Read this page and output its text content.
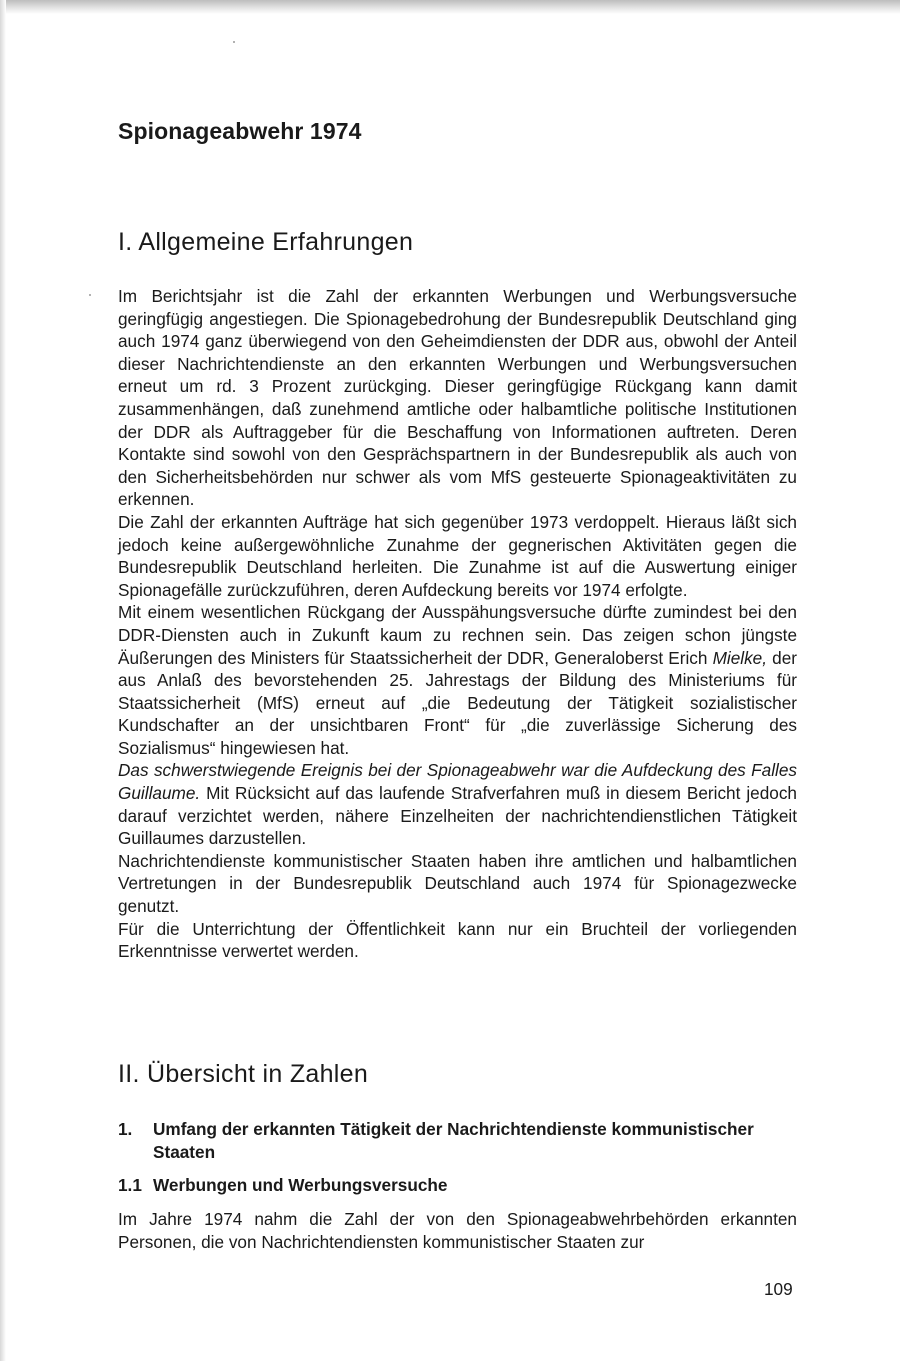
Spionageabwehr 1974
I. Allgemeine Erfahrungen

Im Berichtsjahr ist die Zahl der erkannten Werbungen und Werbungsversuche geringfügig angestiegen. Die Spionagebedrohung der Bundesrepublik Deutschland ging auch 1974 ganz überwiegend von den Geheimdiensten der DDR aus, obwohl der Anteil dieser Nachrichtendienste an den erkannten Werbungen und Werbungsversuchen erneut um rd. 3 Prozent zurückging. Dieser geringfügige Rückgang kann damit zusammenhängen, daß zunehmend amtliche oder halbamtliche politische Institutionen der DDR als Auftraggeber für die Beschaffung von Informationen auftreten. Deren Kontakte sind sowohl von den Gesprächspartnern in der Bundesrepublik als auch von den Sicherheitsbehörden nur schwer als vom MfS gesteuerte Spionageaktivitäten zu erkennen.

Die Zahl der erkannten Aufträge hat sich gegenüber 1973 verdoppelt. Hieraus läßt sich jedoch keine außergewöhnliche Zunahme der gegnerischen Aktivitäten gegen die Bundesrepublik Deutschland herleiten. Die Zunahme ist auf die Auswertung einiger Spionagefälle zurückzuführen, deren Aufdeckung bereits vor 1974 erfolgte.

Mit einem wesentlichen Rückgang der Ausspähungsversuche dürfte zumindest bei den DDR-Diensten auch in Zukunft kaum zu rechnen sein. Das zeigen schon jüngste Äußerungen des Ministers für Staatssicherheit der DDR, Generaloberst Erich Mielke, der aus Anlaß des bevorstehenden 25. Jahrestags der Bildung des Ministeriums für Staatssicherheit (MfS) erneut auf „die Bedeutung der Tätigkeit sozialistischer Kundschafter an der unsichtbaren Front“ für „die zuverlässige Sicherung des Sozialismus“ hingewiesen hat.

Das schwerstwiegende Ereignis bei der Spionageabwehr war die Aufdeckung des Falles Guillaume. Mit Rücksicht auf das laufende Strafverfahren muß in diesem Bericht jedoch darauf verzichtet werden, nähere Einzelheiten der nachrichtendienstlichen Tätigkeit Guillaumes darzustellen.

Nachrichtendienste kommunistischer Staaten haben ihre amtlichen und halbamtlichen Vertretungen in der Bundesrepublik Deutschland auch 1974 für Spionagezwecke genutzt.

Für die Unterrichtung der Öffentlichkeit kann nur ein Bruchteil der vorliegenden Erkenntnisse verwertet werden.

II. Übersicht in Zahlen
1. Umfang der erkannten Tätigkeit der Nachrichtendienste kommunistischer Staaten
1.1 Werbungen und Werbungsversuche

Im Jahre 1974 nahm die Zahl der von den Spionageabwehrbehörden erkannten Personen, die von Nachrichtendiensten kommunistischer Staaten zur

109
